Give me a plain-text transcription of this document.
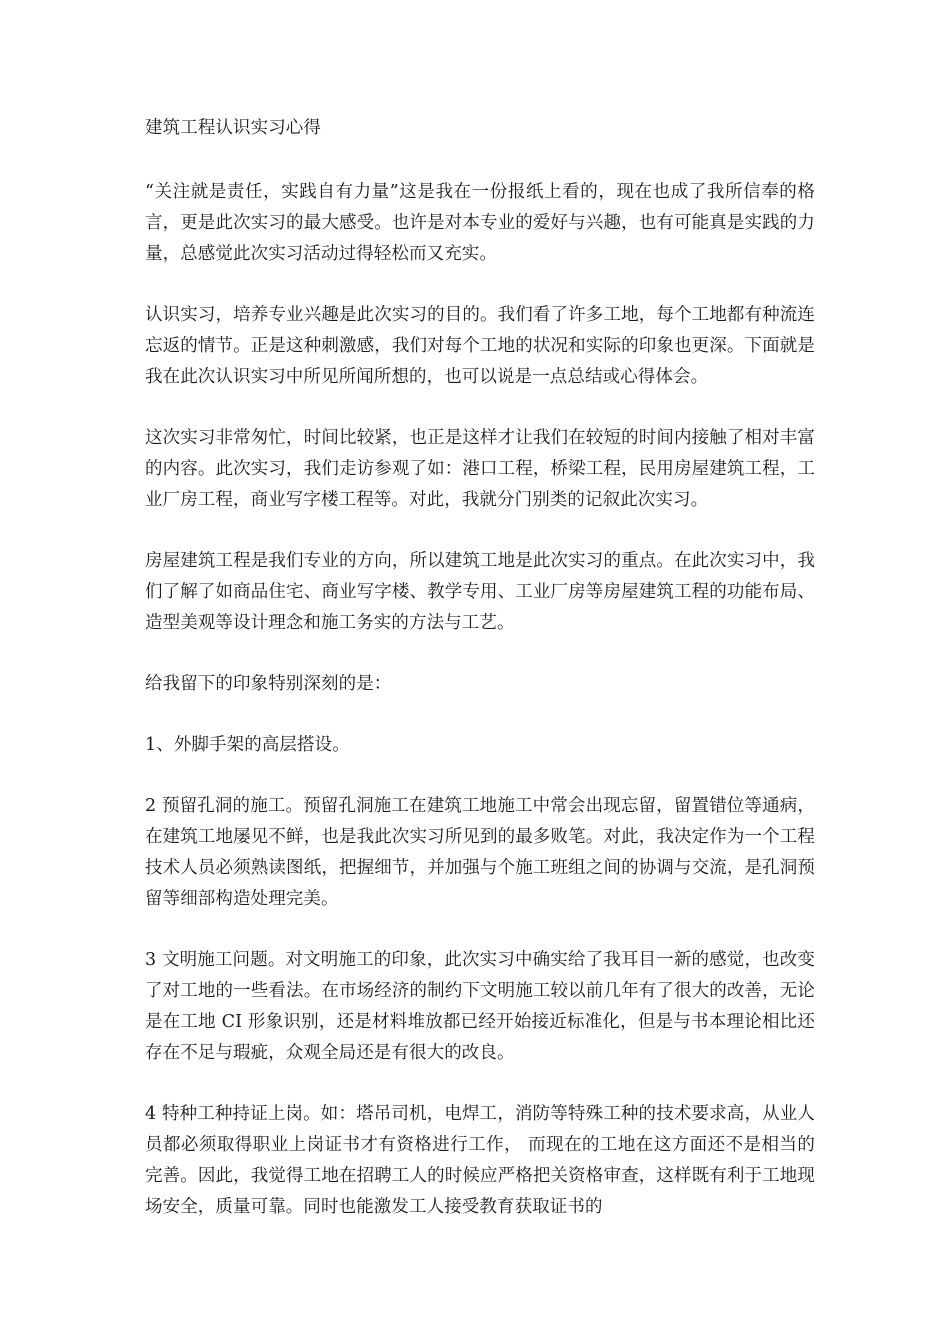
建筑工程认识实习心得

“关注就是责任，实践自有力量”这是我在一份报纸上看的，现在也成了我所信奉的格言，更是此次实习的最大感受。也许是对本专业的爱好与兴趣，也有可能真是实践的力量，总感觉此次实习活动过得轻松而又充实。

认识实习，培养专业兴趣是此次实习的目的。我们看了许多工地，每个工地都有种流连忘返的情节。正是这种刺激感，我们对每个工地的状况和实际的印象也更深。下面就是我在此次认识实习中所见所闻所想的，也可以说是一点总结或心得体会。

这次实习非常匆忙，时间比较紧，也正是这样才让我们在较短的时间内接触了相对丰富的内容。此次实习，我们走访参观了如：港口工程，桥梁工程，民用房屋建筑工程，工业厂房工程，商业写字楼工程等。对此，我就分门别类的记叙此次实习。

房屋建筑工程是我们专业的方向，所以建筑工地是此次实习的重点。在此次实习中，我们了解了如商品住宅、商业写字楼、教学专用、工业厂房等房屋建筑工程的功能布局、造型美观等设计理念和施工务实的方法与工艺。

给我留下的印象特别深刻的是：

1、外脚手架的高层搭设。

2 预留孔洞的施工。预留孔洞施工在建筑工地施工中常会出现忘留，留置错位等通病，在建筑工地屡见不鲜，也是我此次实习所见到的最多败笔。对此，我决定作为一个工程技术人员必须熟读图纸，把握细节，并加强与个施工班组之间的协调与交流，是孔洞预留等细部构造处理完美。

3 文明施工问题。对文明施工的印象，此次实习中确实给了我耳目一新的感觉，也改变了对工地的一些看法。在市场经济的制约下文明施工较以前几年有了很大的改善，无论是在工地 CI 形象识别，还是材料堆放都已经开始接近标准化，但是与书本理论相比还存在不足与瑕疵，众观全局还是有很大的改良。

4 特种工种持证上岗。如：塔吊司机，电焊工，消防等特殊工种的技术要求高，从业人员都必须取得职业上岗证书才有资格进行工作， 而现在的工地在这方面还不是相当的完善。因此，我觉得工地在招聘工人的时候应严格把关资格审查，这样既有利于工地现场安全，质量可靠。同时也能激发工人接受教育获取证书的
